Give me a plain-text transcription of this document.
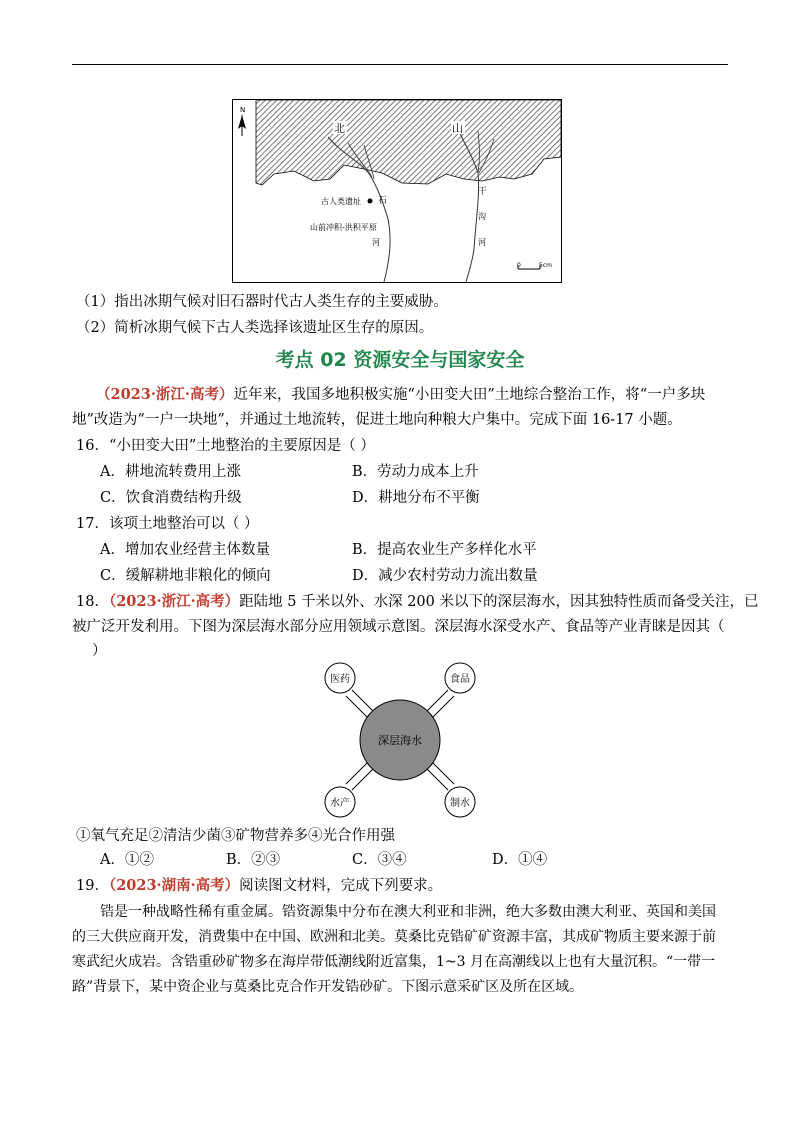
N
北	山
古人类遗址 石
山前冲积-洪积平原
河
干
沟
河
0	5cm
（1）指出冰期气候对旧石器时代古人类生存的主要威胁。
（2）简析冰期气候下古人类选择该遗址区生存的原因。
考点 02 资源安全与国家安全
（2023·浙江·高考）近年来，我国多地积极实施“小田变大田”土地综合整治工作，将“一户多块
地”改造为“一户一块地”，并通过土地流转，促进土地向种粮大户集中。完成下面 16-17 小题。
16．“小田变大田”土地整治的主要原因是（ ）
A．耕地流转费用上涨	B．劳动力成本上升
C．饮食消费结构升级	D．耕地分布不平衡
17．该项土地整治可以（ ）
A．增加农业经营主体数量	B．提高农业生产多样化水平
C．缓解耕地非粮化的倾向	D．减少农村劳动力流出数量
18．（2023·浙江·高考）距陆地 5 千米以外、水深 200 米以下的深层海水，因其独特性质而备受关注，已
被广泛开发利用。下图为深层海水部分应用领域示意图。深层海水深受水产、食品等产业青睐是因其（
）
深层海水
医药	食品
水产	制水
①氧气充足②清洁少菌③矿物营养多④光合作用强
A．①②	B．②③	C．③④	D．①④
19．（2023·湖南·高考）阅读图文材料，完成下列要求。
锆是一种战略性稀有重金属。锆资源集中分布在澳大利亚和非洲，绝大多数由澳大利亚、英国和美国
的三大供应商开发，消费集中在中国、欧洲和北美。莫桑比克锆矿矿资源丰富，其成矿物质主要来源于前
寒武纪火成岩。含锆重砂矿物多在海岸带低潮线附近富集，1~3 月在高潮线以上也有大量沉积。“一带一
路”背景下，某中资企业与莫桑比克合作开发锆砂矿。下图示意采矿区及所在区域。
